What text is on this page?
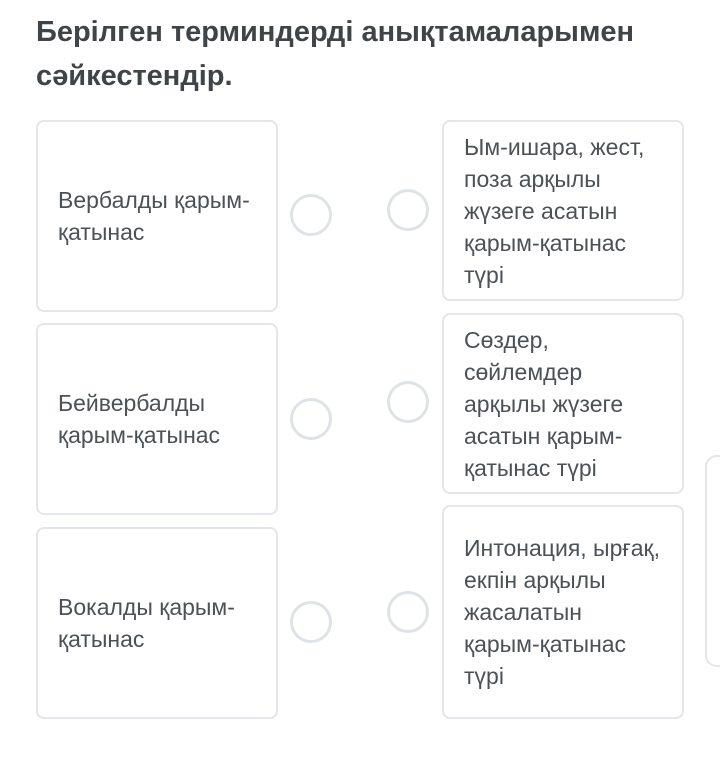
Берілген терминдерді анықтамаларымен сәйкестендір.
Вербалды қарым-қатынас
Бейвербалды қарым-қатынас
Вокалды қарым-қатынас
Ым-ишара, жест, поза арқылы жүзеге асатын қарым-қатынас түрі
Сөздер, сөйлемдер арқылы жүзеге асатын қарым-қатынас түрі
Интонация, ырғақ, екпін арқылы жасалатын қарым-қатынас түрі
